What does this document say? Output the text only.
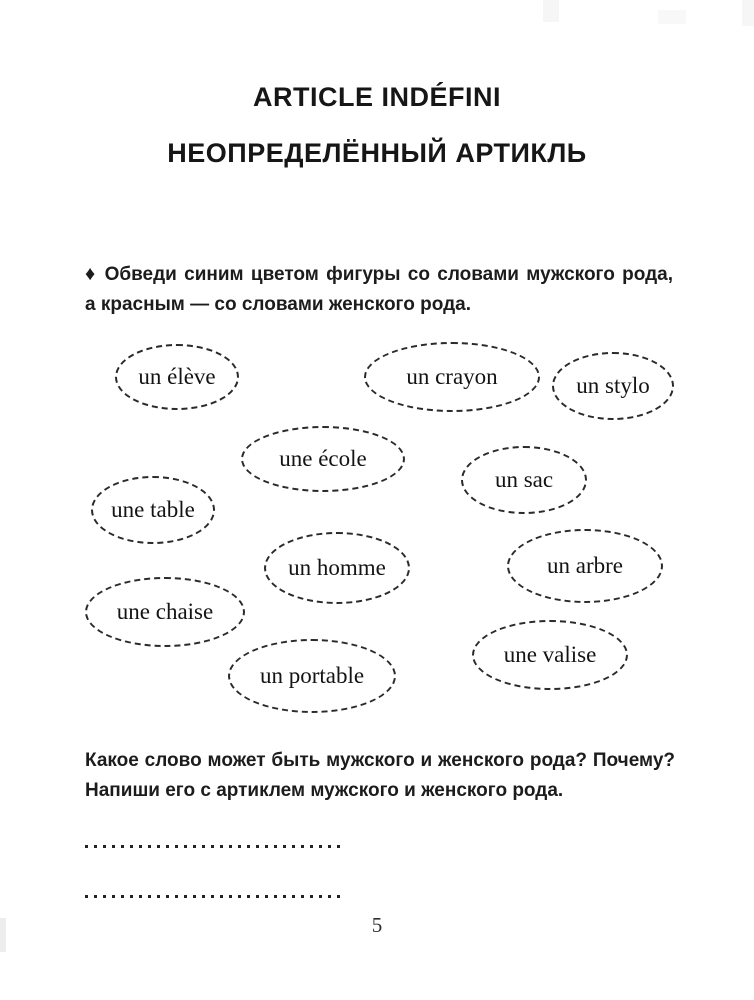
ARTICLE INDÉFINI
НЕОПРЕДЕЛЁННЫЙ АРТИКЛЬ

♦ Обведи синим цветом фигуры со словами мужского рода,
а красным — со словами женского рода.

un élève	un crayon	un stylo
une école
un sac
une table
un homme	un arbre
une chaise
un portable
une valise

Какое слово может быть мужского и женского рода? Почему?
Напиши его с артиклем мужского и женского рода.

5
